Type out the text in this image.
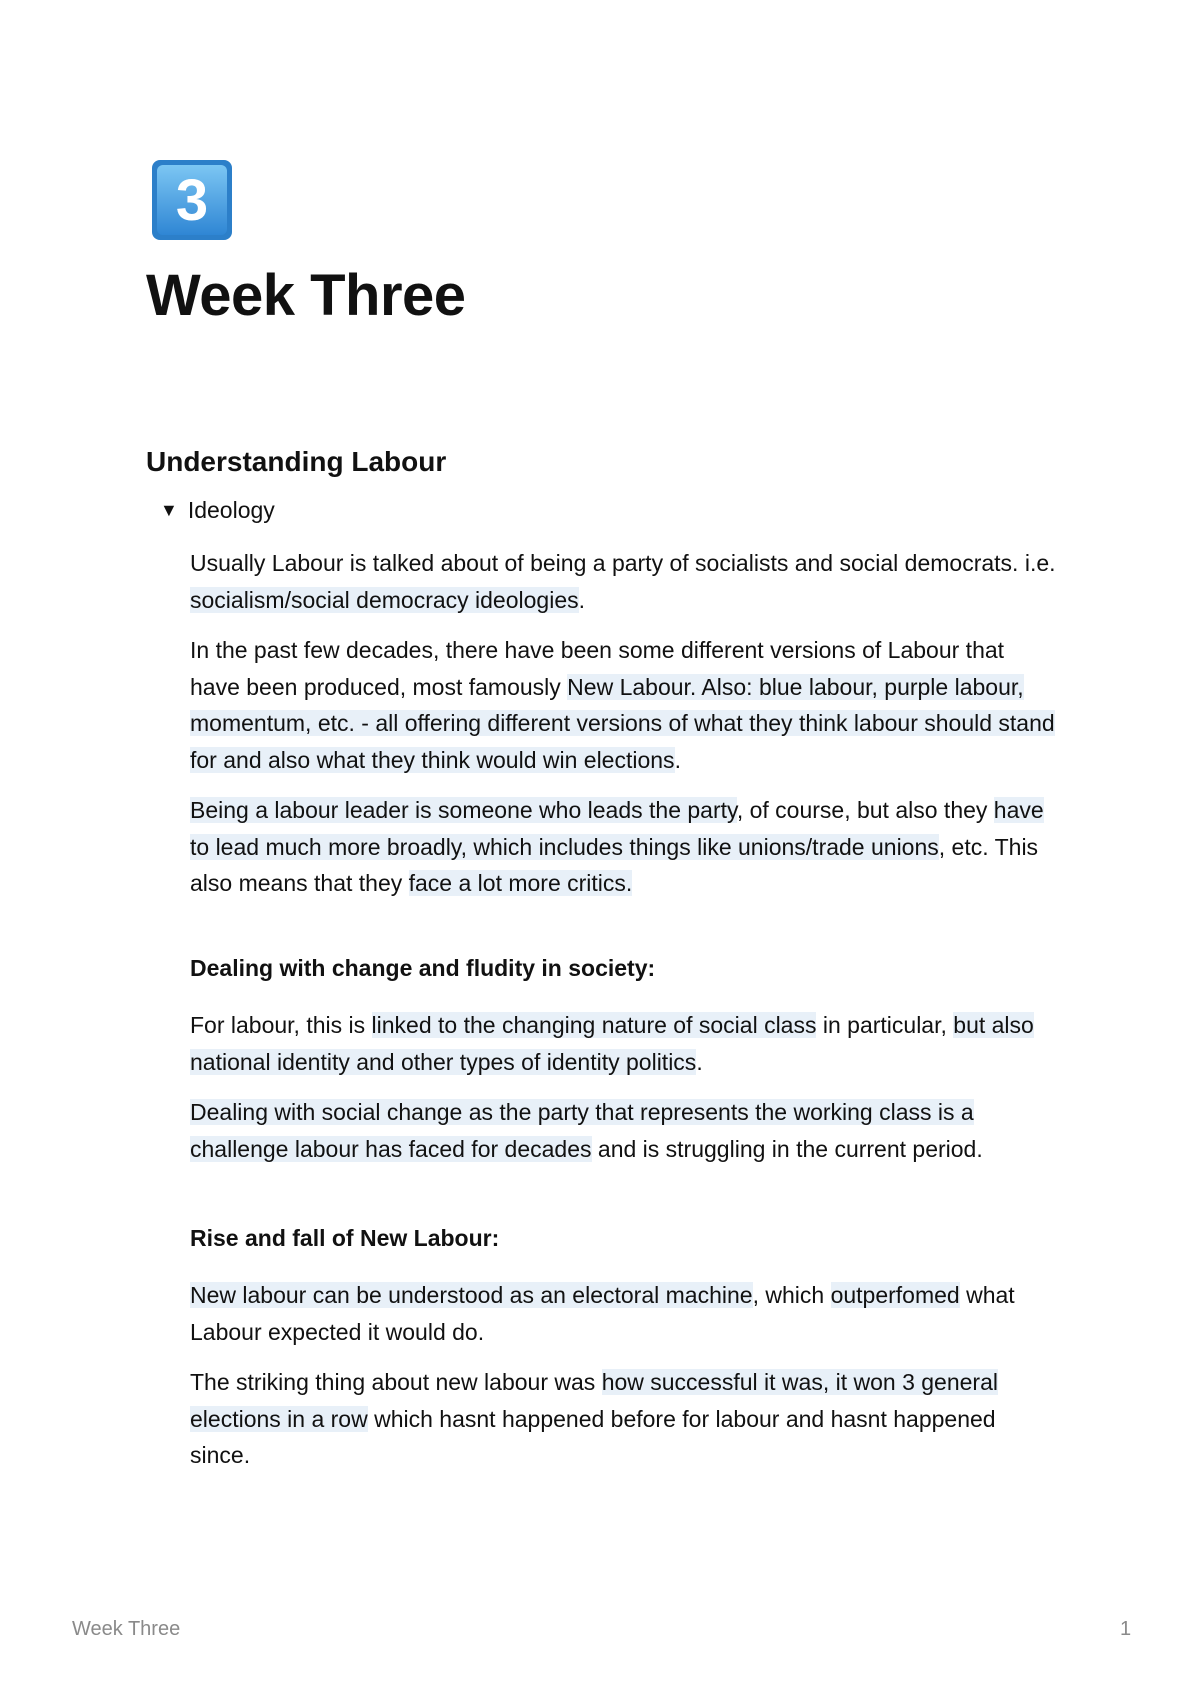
3
Week Three
Understanding Labour
▼ Ideology

Usually Labour is talked about of being a party of socialists and social democrats. i.e. socialism/social democracy ideologies.

In the past few decades, there have been some different versions of Labour that have been produced, most famously New Labour. Also: blue labour, purple labour, momentum, etc. - all offering different versions of what they think labour should stand for and also what they think would win elections.

Being a labour leader is someone who leads the party, of course, but also they have to lead much more broadly, which includes things like unions/trade unions, etc. This also means that they face a lot more critics.

Dealing with change and fludity in society:

For labour, this is linked to the changing nature of social class in particular, but also national identity and other types of identity politics.

Dealing with social change as the party that represents the working class is a challenge labour has faced for decades and is struggling in the current period.

Rise and fall of New Labour:

New labour can be understood as an electoral machine, which outperfomed what Labour expected it would do.

The striking thing about new labour was how successful it was, it won 3 general elections in a row which hasnt happened before for labour and hasnt happened since.

Week Three	1
